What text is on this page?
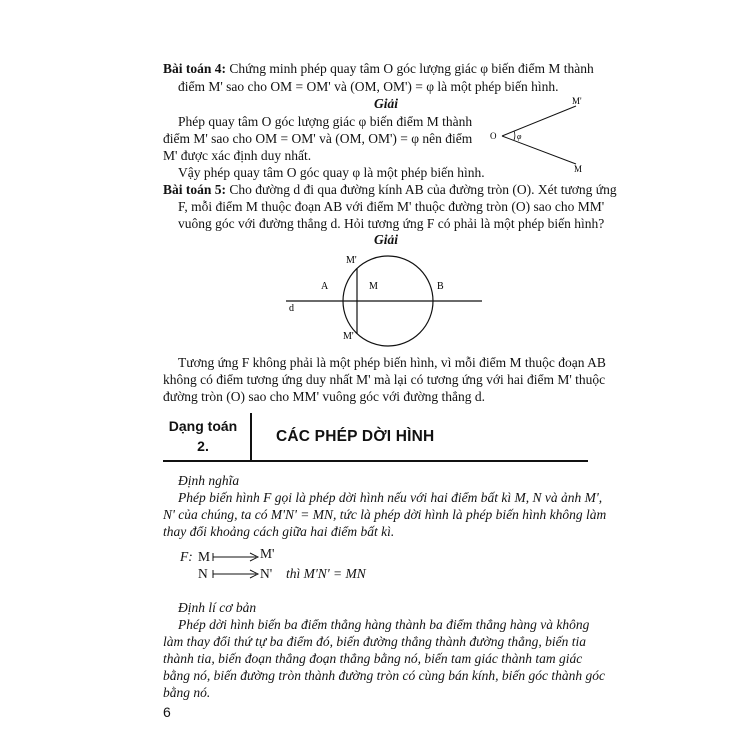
Bài toán 4: Chứng minh phép quay tâm O góc lượng giác φ biến điểm M thành
điểm M' sao cho OM = OM' và (OM, OM') = φ là một phép biến hình.
Giải
Phép quay tâm O góc lượng giác φ biến điểm M thành
điểm M' sao cho OM = OM' và (OM, OM') = φ nên điểm
M' được xác định duy nhất.
Vậy phép quay tâm O góc quay φ là một phép biến hình.
O
M'
M
φ
Bài toán 5: Cho đường d đi qua đường kính AB của đường tròn (O). Xét tương ứng
F, mỗi điểm M thuộc đoạn AB với điểm M' thuộc đường tròn (O) sao cho MM'
vuông góc với đường thẳng d. Hỏi tương ứng F có phải là một phép biến hình?
Giải
M'
M'
A	M	B
d
Tương ứng F không phải là một phép biến hình, vì mỗi điểm M thuộc đoạn AB
không có điểm tương ứng duy nhất M' mà lại có tương ứng với hai điểm M' thuộc
đường tròn (O) sao cho MM' vuông góc với đường thẳng d.
Dạng toán
2.
CÁC PHÉP DỜI HÌNH
Định nghĩa
Phép biến hình F gọi là phép dời hình nếu với hai điểm bất kì M, N và ảnh M',
N' của chúng, ta có M'N' = MN, tức là phép dời hình là phép biến hình không làm
thay đổi khoảng cách giữa hai điểm bất kì.
F: M	M'
N	N' thì M'N' = MN
Định lí cơ bản
Phép dời hình biến ba điểm thẳng hàng thành ba điểm thẳng hàng và không
làm thay đổi thứ tự ba điểm đó, biến đường thẳng thành đường thẳng, biến tia
thành tia, biến đoạn thẳng đoạn thẳng bằng nó, biến tam giác thành tam giác
bằng nó, biến đường tròn thành đường tròn có cùng bán kính, biến góc thành góc
bằng nó.
6
